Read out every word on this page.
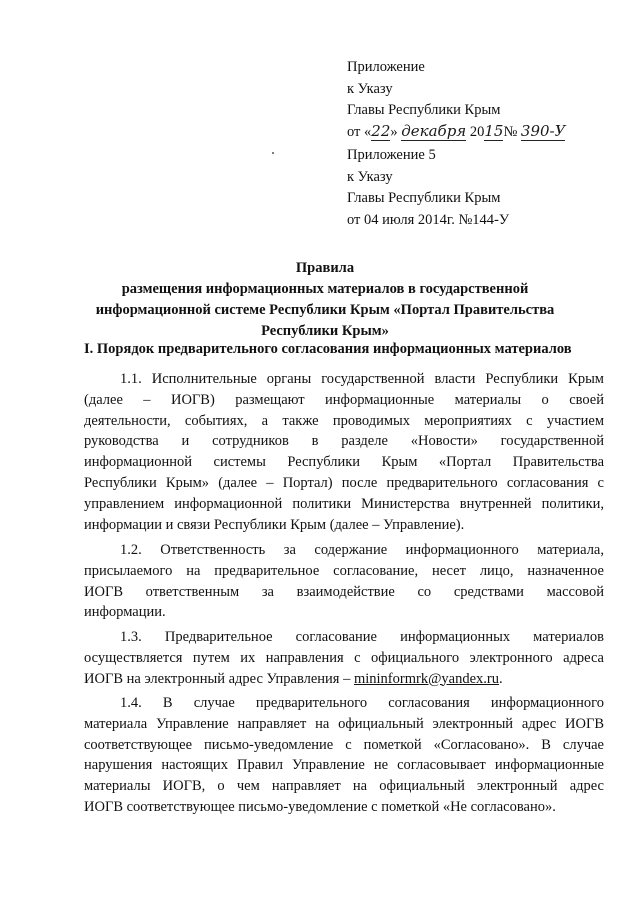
Приложение
к Указу
Главы Республики Крым
от «22» декабря 2015№ 390-У
Приложение 5
к Указу
Главы Республики Крым
от 04 июля 2014г. №144-У
Правила
размещения информационных материалов в государственной
информационной системе Республики Крым «Портал Правительства
Республики Крым»
I. Порядок предварительного согласования информационных материалов
1.1. Исполнительные органы государственной власти Республики Крым
(далее – ИОГВ) размещают информационные материалы о своей
деятельности, событиях, а также проводимых мероприятиях с участием
руководства и сотрудников в разделе «Новости» государственной
информационной системы Республики Крым «Портал Правительства
Республики Крым» (далее – Портал) после предварительного согласования с
управлением информационной политики Министерства внутренней политики,
информации и связи Республики Крым (далее – Управление).
1.2. Ответственность за содержание информационного материала,
присылаемого на предварительное согласование, несет лицо, назначенное
ИОГВ ответственным за взаимодействие со средствами массовой
информации.
1.3. Предварительное согласование информационных материалов
осуществляется путем их направления с официального электронного адреса
ИОГВ на электронный адрес Управления – mininformrk@yandex.ru.
1.4. В случае предварительного согласования информационного
материала Управление направляет на официальный электронный адрес ИОГВ
соответствующее письмо-уведомление с пометкой «Согласовано». В случае
нарушения настоящих Правил Управление не согласовывает информационные
материалы ИОГВ, о чем направляет на официальный электронный адрес
ИОГВ соответствующее письмо-уведомление с пометкой «Не согласовано».
